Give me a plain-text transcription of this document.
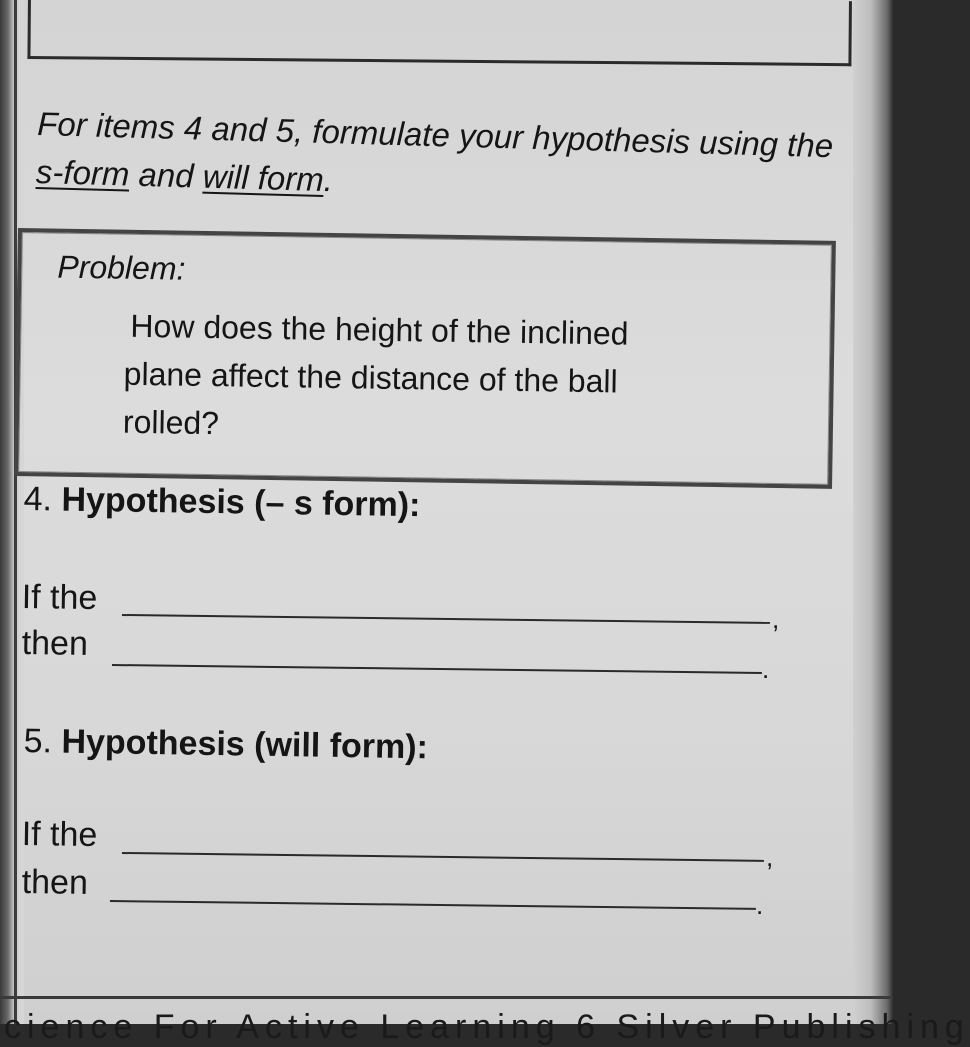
For items 4 and 5, formulate your hypothesis using the s-form and will form.
Problem:
How does the height of the inclined
plane affect the distance of the ball
rolled?
4. Hypothesis (– s form):
If the
,
then
.
5. Hypothesis (will form):
If the
,
then
.
cience For Active Learning 6 Silver Publishing
